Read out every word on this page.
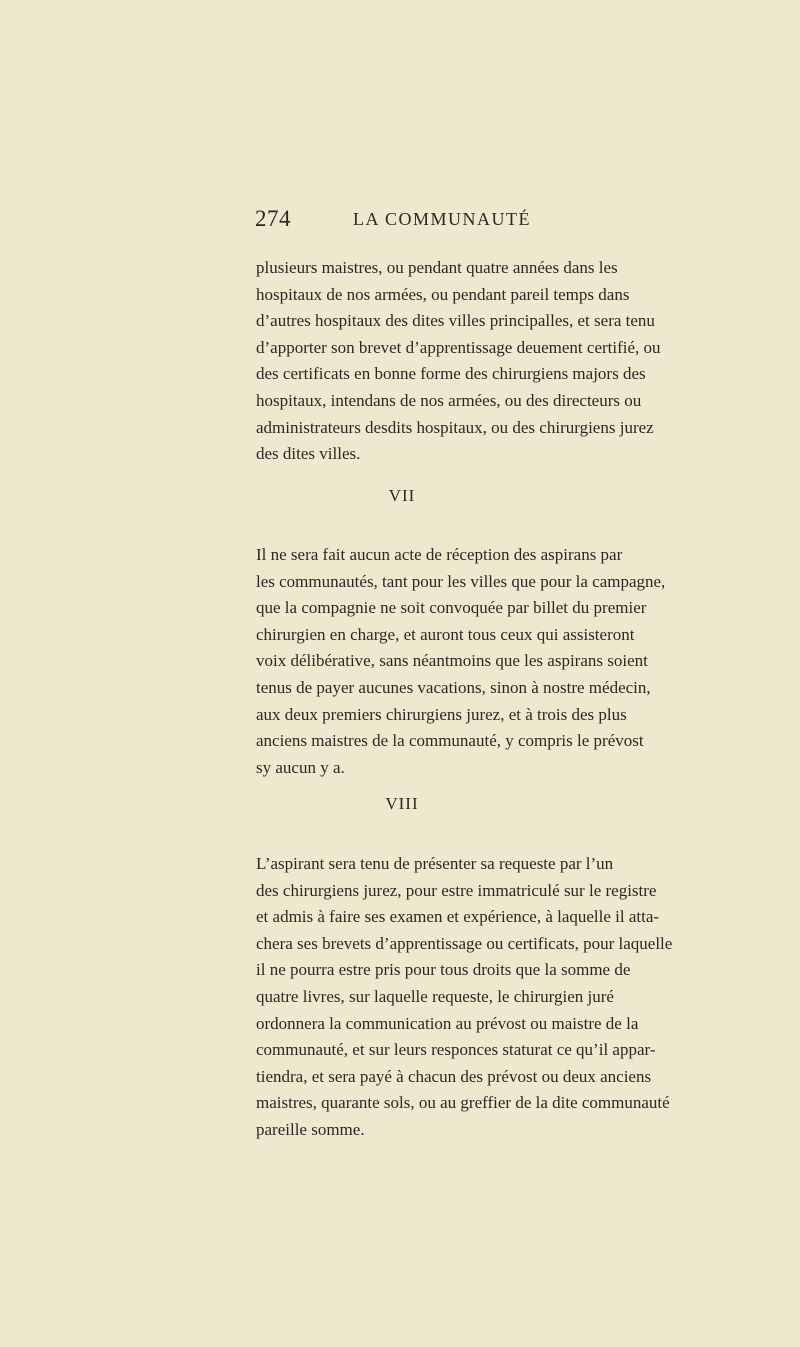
274	LA COMMUNAUTÉ
plusieurs maistres, ou pendant quatre années dans les
hospitaux de nos armées, ou pendant pareil temps dans
d’autres hospitaux des dites villes principalles, et sera tenu
d’apporter son brevet d’apprentissage deuement certifié, ou
des certificats en bonne forme des chirurgiens majors des
hospitaux, intendans de nos armées, ou des directeurs ou
administrateurs desdits hospitaux, ou des chirurgiens jurez
des dites villes.
VII
Il ne sera fait aucun acte de réception des aspirans par
les communautés, tant pour les villes que pour la campagne,
que la compagnie ne soit convoquée par billet du premier
chirurgien en charge, et auront tous ceux qui assisteront
voix délibérative, sans néantmoins que les aspirans soient
tenus de payer aucunes vacations, sinon à nostre médecin,
aux deux premiers chirurgiens jurez, et à trois des plus
anciens maistres de la communauté, y compris le prévost
sy aucun y a.
VIII
L’aspirant sera tenu de présenter sa requeste par l’un
des chirurgiens jurez, pour estre immatriculé sur le registre
et admis à faire ses examen et expérience, à laquelle il atta-
chera ses brevets d’apprentissage ou certificats, pour laquelle
il ne pourra estre pris pour tous droits que la somme de
quatre livres, sur laquelle requeste, le chirurgien juré
ordonnera la communication au prévost ou maistre de la
communauté, et sur leurs responces staturat ce qu’il appar-
tiendra, et sera payé à chacun des prévost ou deux anciens
maistres, quarante sols, ou au greffier de la dite communauté
pareille somme.
